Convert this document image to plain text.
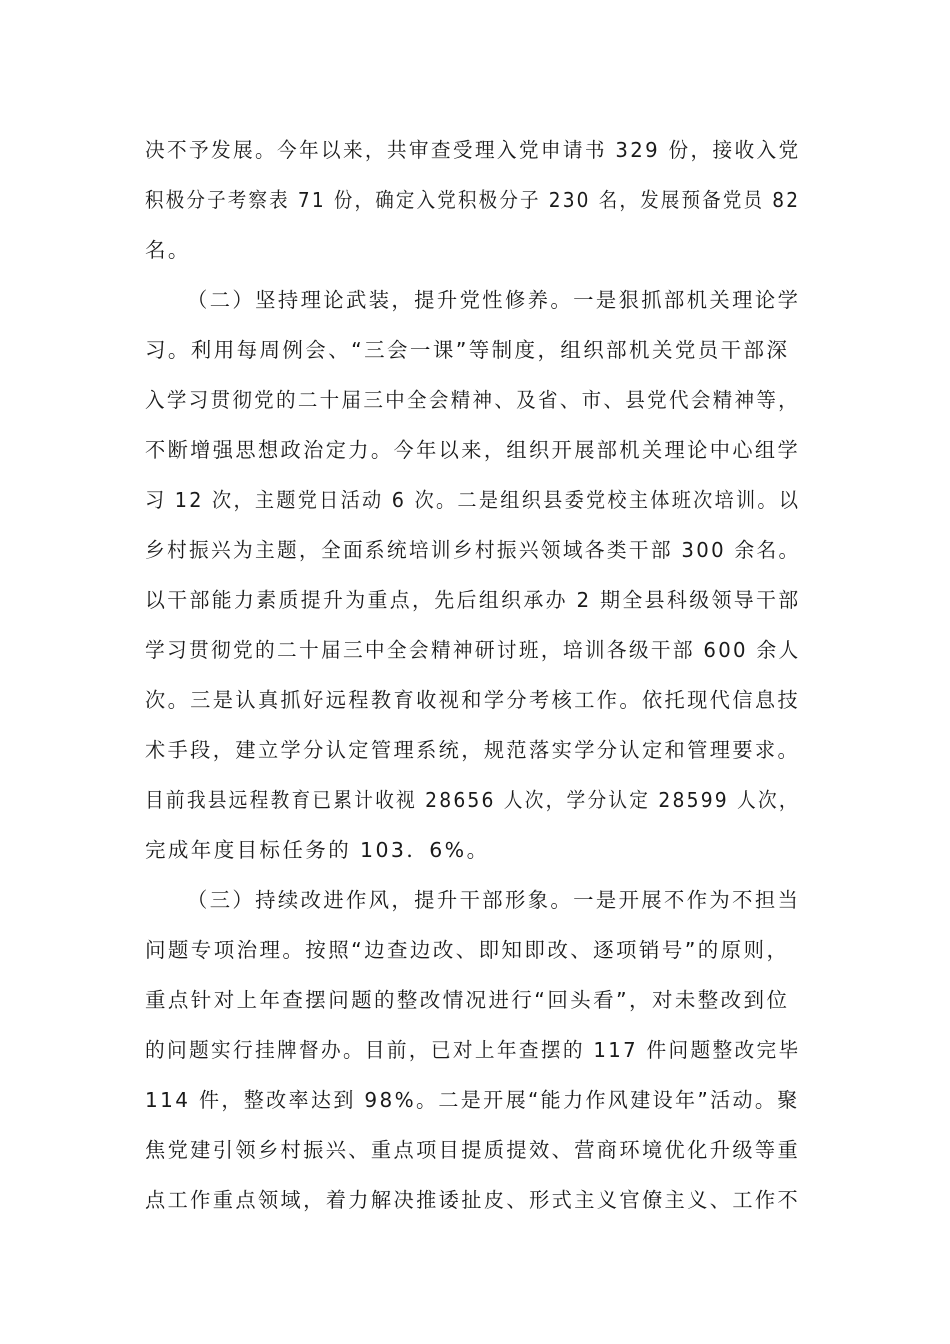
决不予发展。今年以来，共审查受理入党申请书 329 份，接收入党
积极分子考察表 71 份，确定入党积极分子 230 名，发展预备党员 82
名。
（二）坚持理论武装，提升党性修养。一是狠抓部机关理论学
习。利用每周例会、“三会一课”等制度，组织部机关党员干部深
入学习贯彻党的二十届三中全会精神、及省、市、县党代会精神等，
不断增强思想政治定力。今年以来，组织开展部机关理论中心组学
习 12 次，主题党日活动 6 次。二是组织县委党校主体班次培训。以
乡村振兴为主题，全面系统培训乡村振兴领域各类干部 300 余名。
以干部能力素质提升为重点，先后组织承办 2 期全县科级领导干部
学习贯彻党的二十届三中全会精神研讨班，培训各级干部 600 余人
次。三是认真抓好远程教育收视和学分考核工作。依托现代信息技
术手段，建立学分认定管理系统，规范落实学分认定和管理要求。
目前我县远程教育已累计收视 28656 人次，学分认定 28599 人次，
完成年度目标任务的 103．6%。
（三）持续改进作风，提升干部形象。一是开展不作为不担当
问题专项治理。按照“边查边改、即知即改、逐项销号”的原则，
重点针对上年查摆问题的整改情况进行“回头看”，对未整改到位
的问题实行挂牌督办。目前，已对上年查摆的 117 件问题整改完毕
114 件，整改率达到 98%。二是开展“能力作风建设年”活动。聚
焦党建引领乡村振兴、重点项目提质提效、营商环境优化升级等重
点工作重点领域，着力解决推诿扯皮、形式主义官僚主义、工作不
